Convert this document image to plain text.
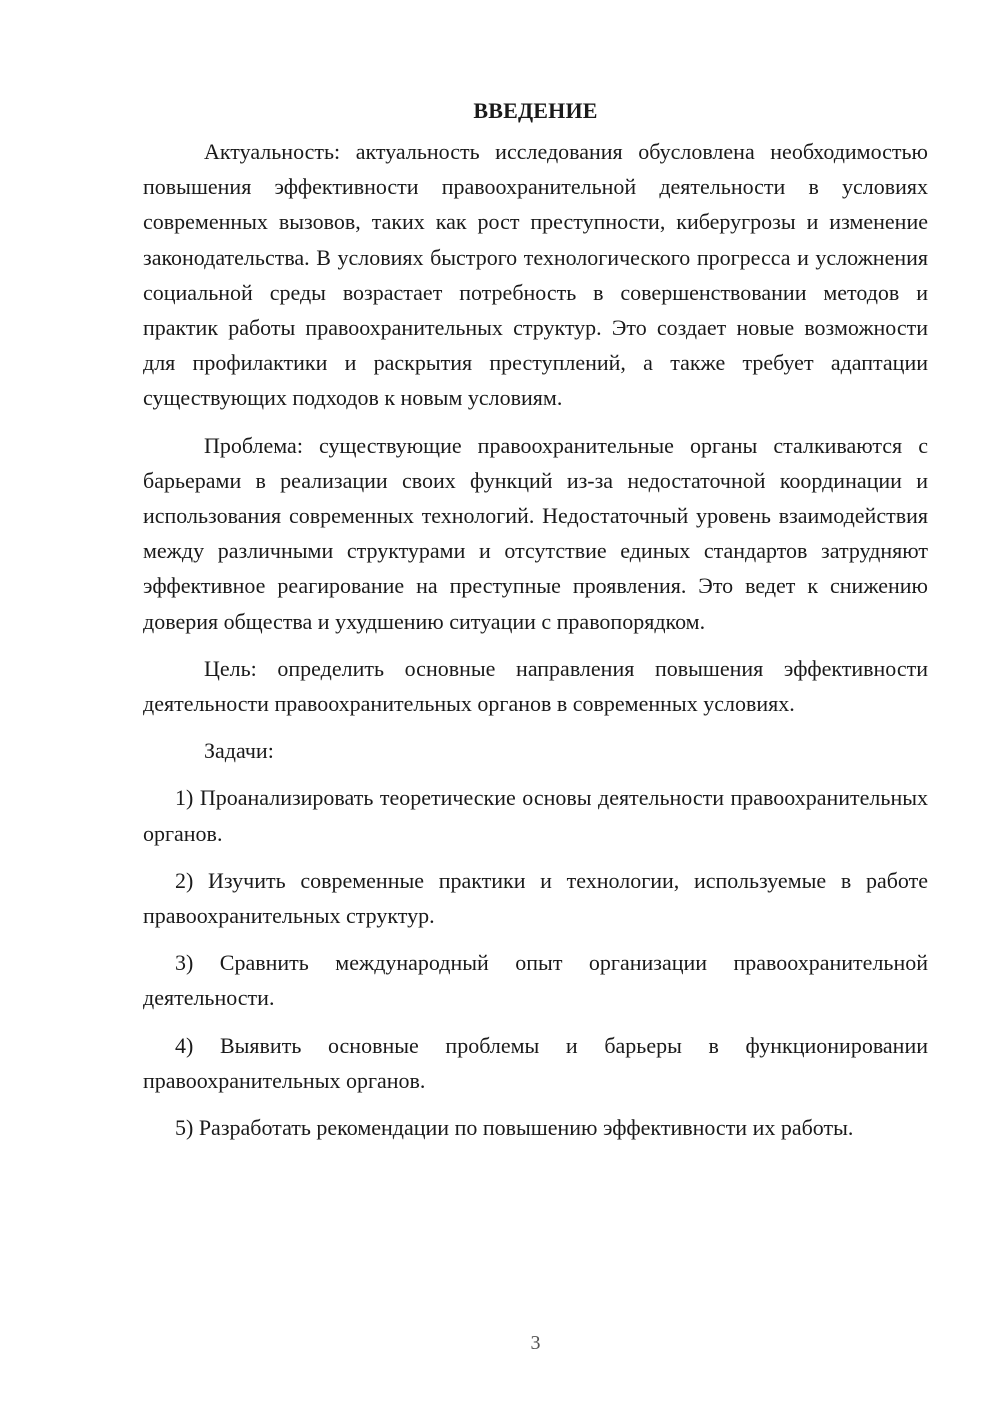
ВВЕДЕНИЕ

Актуальность: актуальность исследования обусловлена необходимостью повышения эффективности правоохранительной деятельности в условиях современных вызовов, таких как рост преступности, киберугрозы и изменение законодательства. В условиях быстрого технологического прогресса и усложнения социальной среды возрастает потребность в совершенствовании методов и практик работы правоохранительных структур. Это создает новые возможности для профилактики и раскрытия преступлений, а также требует адаптации существующих подходов к новым условиям.

Проблема: существующие правоохранительные органы сталкиваются с барьерами в реализации своих функций из-за недостаточной координации и использования современных технологий. Недостаточный уровень взаимодействия между различными структурами и отсутствие единых стандартов затрудняют эффективное реагирование на преступные проявления. Это ведет к снижению доверия общества и ухудшению ситуации с правопорядком.

Цель: определить основные направления повышения эффективности деятельности правоохранительных органов в современных условиях.

Задачи:

1) Проанализировать теоретические основы деятельности правоохранительных органов.

2) Изучить современные практики и технологии, используемые в работе правоохранительных структур.

3) Сравнить международный опыт организации правоохранительной деятельности.

4) Выявить основные проблемы и барьеры в функционировании правоохранительных органов.

5) Разработать рекомендации по повышению эффективности их работы.

3
